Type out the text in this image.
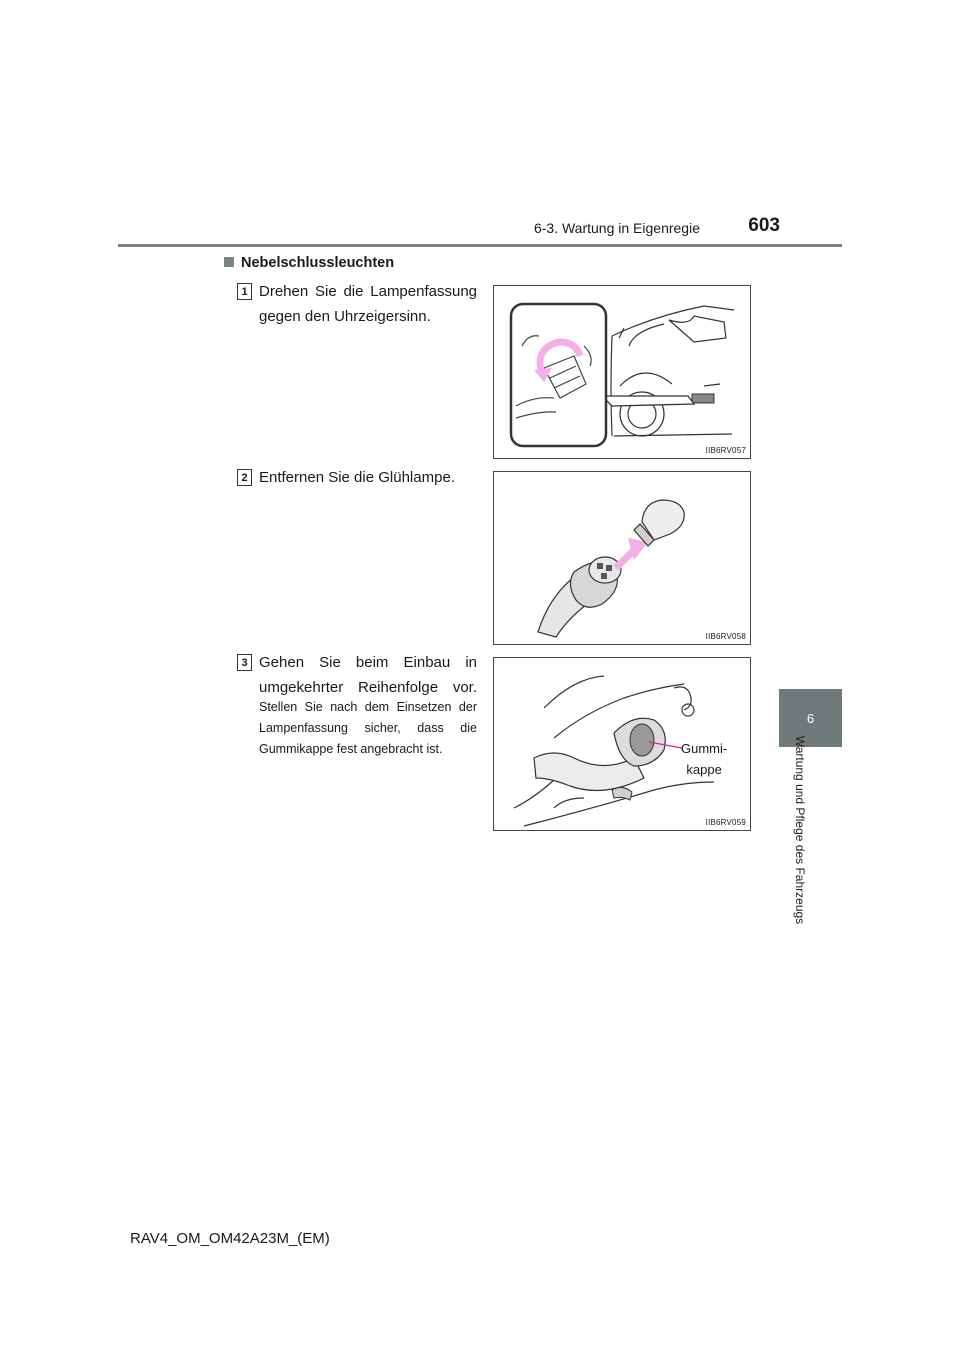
6-3. Wartung in Eigenregie	603
6
Wartung und Pflege des Fahrzeugs
Nebelschlussleuchten
1 Drehen Sie die Lampenfassung gegen den Uhrzeigersinn.
IIB6RV057
2 Entfernen Sie die Glühlampe.
IIB6RV058
3 Gehen Sie beim Einbau in umgekehrter Reihenfolge vor.
Stellen Sie nach dem Einsetzen der Lampenfassung sicher, dass die Gummikappe fest angebracht ist.	Gummi-
kappe
IIB6RV059
RAV4_OM_OM42A23M_(EM)
